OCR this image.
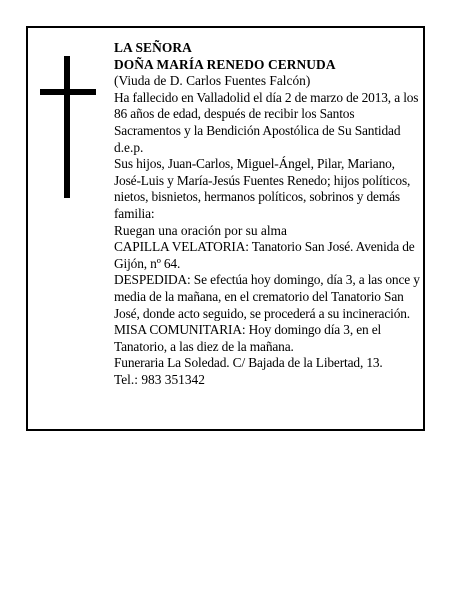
LA SEÑORA

DOÑA MARÍA RENEDO CERNUDA

(Viuda de D. Carlos Fuentes Falcón)

Ha fallecido en Valladolid el día 2 de marzo de 2013, a los 86 años de edad, después de recibir los Santos Sacramentos y la Bendición Apostólica de Su Santidad

d.e.p.

Sus hijos, Juan-Carlos, Miguel-Ángel, Pilar, Mariano, José-Luis y María-Jesús Fuentes Renedo; hijos políticos, nietos, bisnietos, hermanos políticos, sobrinos y demás familia:

Ruegan una oración por su alma

CAPILLA VELATORIA: Tanatorio San José. Avenida de Gijón, nº 64.

DESPEDIDA: Se efectúa hoy domingo, día 3, a las once y media de la mañana, en el crematorio del Tanatorio San José, donde acto seguido, se procederá a su incineración.

MISA COMUNITARIA: Hoy domingo día 3, en el Tanatorio, a las diez de la mañana.

Funeraria La Soledad. C/ Bajada de la Libertad, 13.

Tel.: 983 351342
